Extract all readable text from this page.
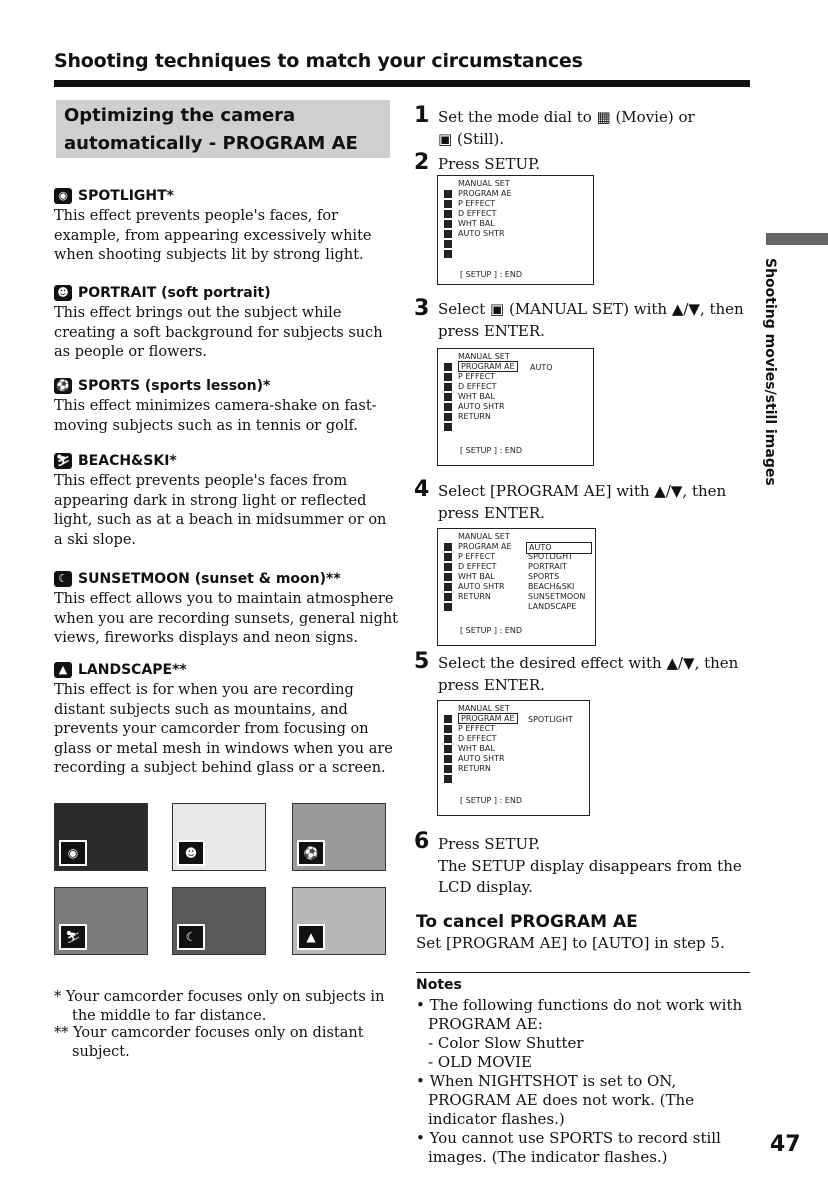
Shooting techniques to match your circumstances
Optimizing the camera
automatically - PROGRAM AE
◉ SPOTLIGHT*
This effect prevents people's faces, for example, from appearing excessively white when shooting subjects lit by strong light.
☻ PORTRAIT (soft portrait)
This effect brings out the subject while creating a soft background for subjects such as people or flowers.
⚽ SPORTS (sports lesson)*
This effect minimizes camera-shake on fast-moving subjects such as in tennis or golf.
⛷ BEACH&SKI*
This effect prevents people's faces from appearing dark in strong light or reflected light, such as at a beach in midsummer or on a ski slope.
☾ SUNSETMOON (sunset & moon)**
This effect allows you to maintain atmosphere when you are recording sunsets, general night views, fireworks displays and neon signs.
▲ LANDSCAPE**
This effect is for when you are recording distant subjects such as mountains, and prevents your camcorder from focusing on glass or metal mesh in windows when you are recording a subject behind glass or a screen.
◉	☻	⚽
⛷	☾	▲
* Your camcorder focuses only on subjects in the middle to far distance.
** Your camcorder focuses only on distant subject.
1 Set the mode dial to ▦ (Movie) or
▣ (Still).
2 Press SETUP.
MANUAL SET
PROGRAM AE
P EFFECT
D EFFECT
WHT BAL
AUTO SHTR
[ SETUP ] : END
3 Select ▣ (MANUAL SET) with ▲/▼, then
press ENTER.
MANUAL SET
PROGRAM AE	AUTO
P EFFECT
D EFFECT
WHT BAL
AUTO SHTR
RETURN
[ SETUP ] : END
4 Select [PROGRAM AE] with ▲/▼, then
press ENTER.
MANUAL SET
PROGRAM AE
P EFFECT
D EFFECT
WHT BAL
AUTO SHTR
RETURN
AUTO
SPOTLIGHT
PORTRAIT
SPORTS
BEACH&SKI
SUNSETMOON
LANDSCAPE
[ SETUP ] : END
5 Select the desired effect with ▲/▼, then
press ENTER.
MANUAL SET
PROGRAM AE	SPOTLIGHT
P EFFECT
D EFFECT
WHT BAL
AUTO SHTR
RETURN
[ SETUP ] : END
6 Press SETUP.
The SETUP display disappears from the
LCD display.
To cancel PROGRAM AE
Set [PROGRAM AE] to [AUTO] in step 5.
Notes
• The following functions do not work with PROGRAM AE:
- Color Slow Shutter
- OLD MOVIE
• When NIGHTSHOT is set to ON, PROGRAM AE does not work. (The indicator flashes.)
• You cannot use SPORTS to record still images. (The indicator flashes.)
Shooting movies/still images
47
